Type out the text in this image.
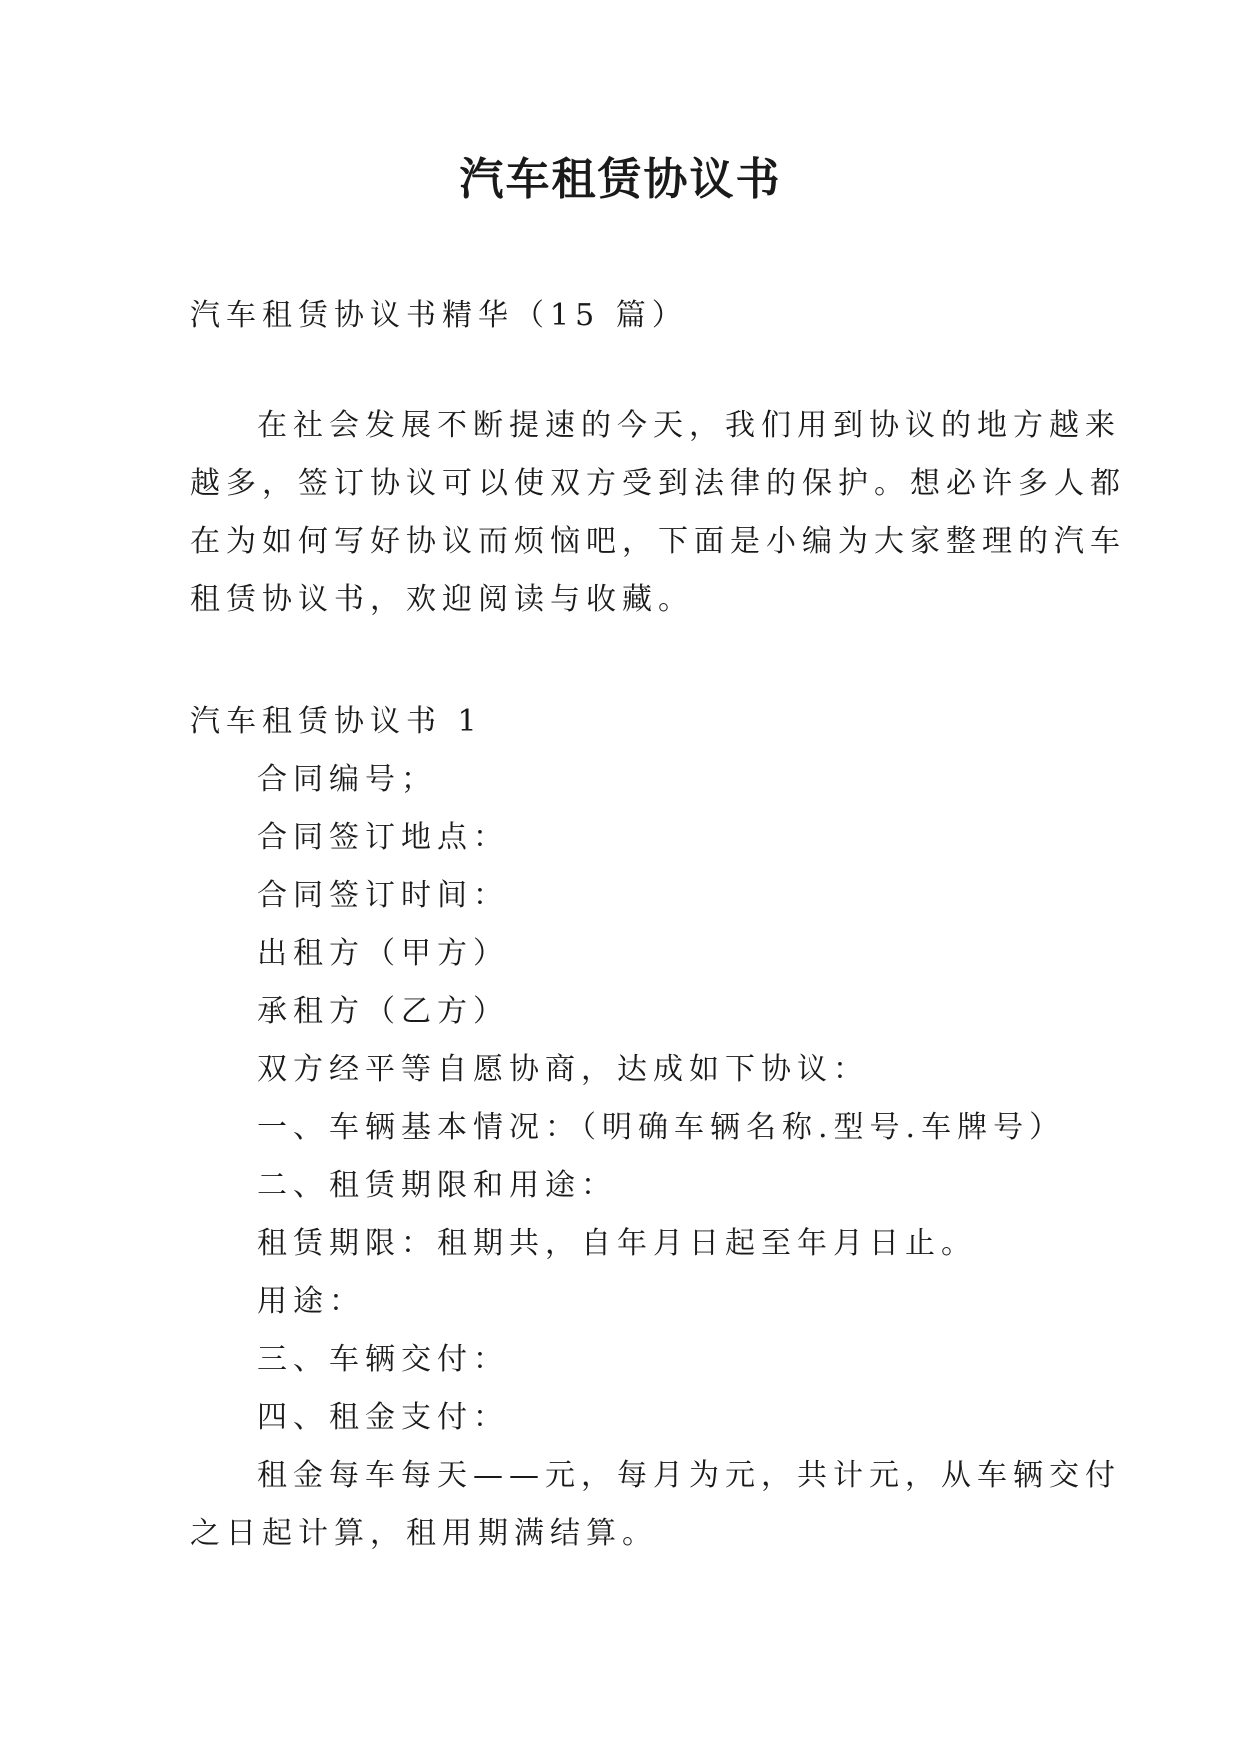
汽车租赁协议书
汽车租赁协议书精华（15 篇）
在社会发展不断提速的今天，我们用到协议的地方越来
越多，签订协议可以使双方受到法律的保护。想必许多人都
在为如何写好协议而烦恼吧，下面是小编为大家整理的汽车
租赁协议书，欢迎阅读与收藏。
汽车租赁协议书 1
合同编号；
合同签订地点：
合同签订时间：
出租方（甲方）
承租方（乙方）
双方经平等自愿协商，达成如下协议：
一、车辆基本情况：（明确车辆名称.型号.车牌号）
二、租赁期限和用途：
租赁期限：租期共，自年月日起至年月日止。
用途：
三、车辆交付：
四、租金支付：
租金每车每天——元，每月为元，共计元，从车辆交付
之日起计算，租用期满结算。
